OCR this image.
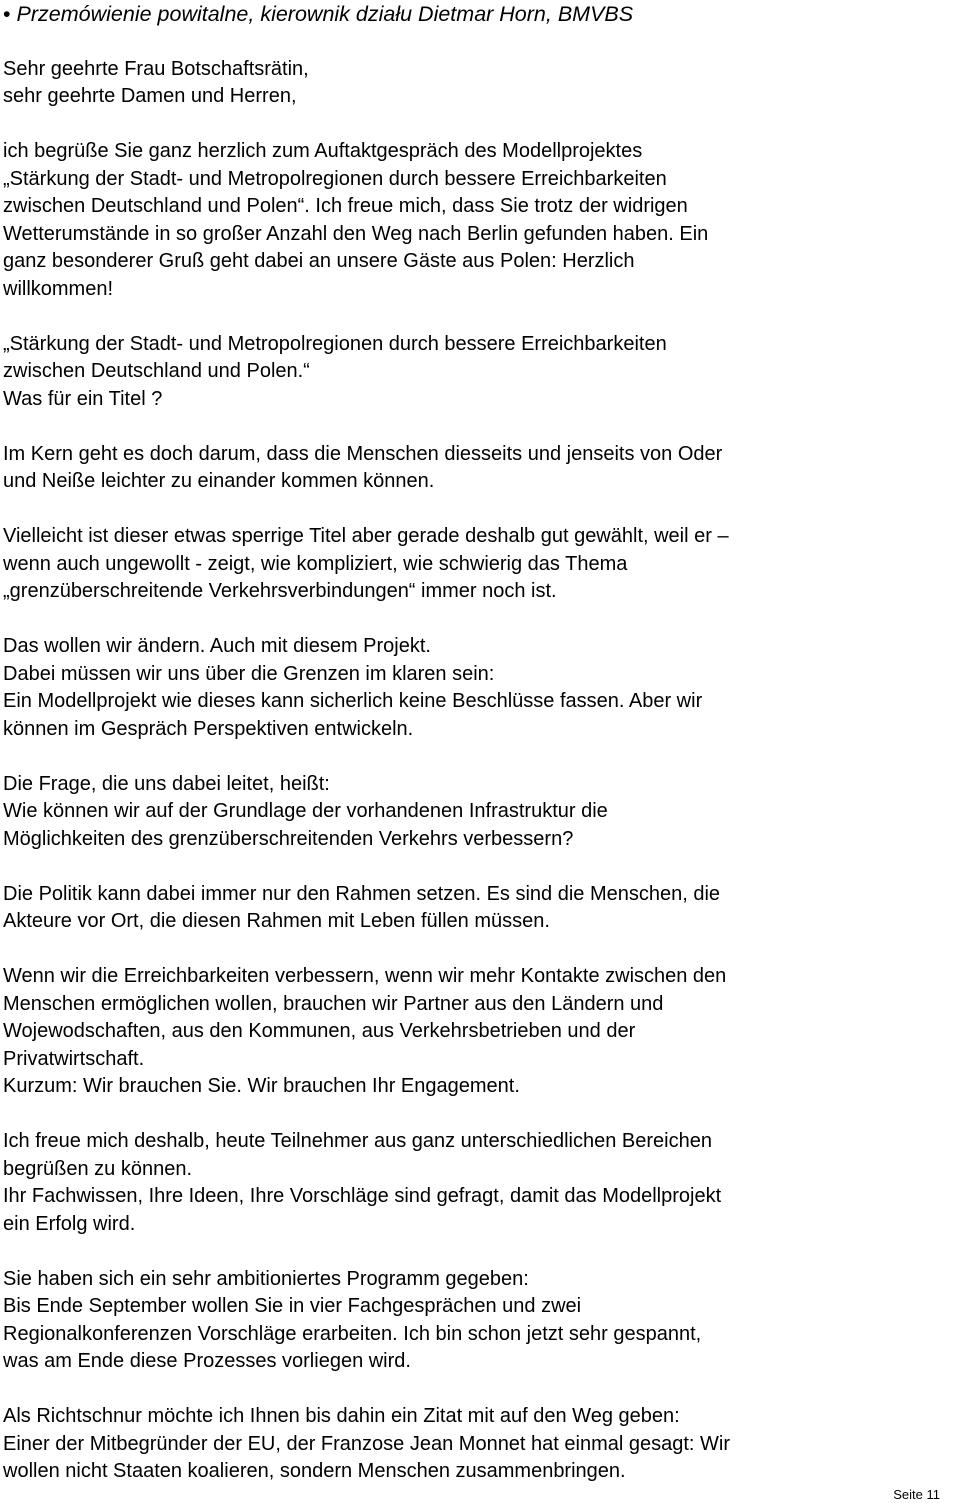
• Przemówienie powitalne, kierownik działu Dietmar Horn, BMVBS

Sehr geehrte Frau Botschaftsrätin,
sehr geehrte Damen und Herren,

ich begrüße Sie ganz herzlich zum Auftaktgespräch des Modellprojektes
„Stärkung der Stadt- und Metropolregionen durch bessere Erreichbarkeiten
zwischen Deutschland und Polen“. Ich freue mich, dass Sie trotz der widrigen
Wetterumstände in so großer Anzahl den Weg nach Berlin gefunden haben. Ein
ganz besonderer Gruß geht dabei an unsere Gäste aus Polen: Herzlich
willkommen!

„Stärkung der Stadt- und Metropolregionen durch bessere Erreichbarkeiten
zwischen Deutschland und Polen.“
Was für ein Titel ?

Im Kern geht es doch darum, dass die Menschen diesseits und jenseits von Oder
und Neiße leichter zu einander kommen können.

Vielleicht ist dieser etwas sperrige Titel aber gerade deshalb gut gewählt, weil er –
wenn auch ungewollt - zeigt, wie kompliziert, wie schwierig das Thema
„grenzüberschreitende Verkehrsverbindungen“ immer noch ist.

Das wollen wir ändern. Auch mit diesem Projekt.
Dabei müssen wir uns über die Grenzen im klaren sein:
Ein Modellprojekt wie dieses kann sicherlich keine Beschlüsse fassen. Aber wir
können im Gespräch Perspektiven entwickeln.

Die Frage, die uns dabei leitet, heißt:
Wie können wir auf der Grundlage der vorhandenen Infrastruktur die
Möglichkeiten des grenzüberschreitenden Verkehrs verbessern?

Die Politik kann dabei immer nur den Rahmen setzen. Es sind die Menschen, die
Akteure vor Ort, die diesen Rahmen mit Leben füllen müssen.

Wenn wir die Erreichbarkeiten verbessern, wenn wir mehr Kontakte zwischen den
Menschen ermöglichen wollen, brauchen wir Partner aus den Ländern und
Wojewodschaften, aus den Kommunen, aus Verkehrsbetrieben und der
Privatwirtschaft.
Kurzum: Wir brauchen Sie. Wir brauchen Ihr Engagement.

Ich freue mich deshalb, heute Teilnehmer aus ganz unterschiedlichen Bereichen
begrüßen zu können.
Ihr Fachwissen, Ihre Ideen, Ihre Vorschläge sind gefragt, damit das Modellprojekt
ein Erfolg wird.

Sie haben sich ein sehr ambitioniertes Programm gegeben:
Bis Ende September wollen Sie in vier Fachgesprächen und zwei
Regionalkonferenzen Vorschläge erarbeiten. Ich bin schon jetzt sehr gespannt,
was am Ende diese Prozesses vorliegen wird.

Als Richtschnur möchte ich Ihnen bis dahin ein Zitat mit auf den Weg geben:
Einer der Mitbegründer der EU, der Franzose Jean Monnet hat einmal gesagt: Wir
wollen nicht Staaten koalieren, sondern Menschen zusammenbringen.

Seite 11
